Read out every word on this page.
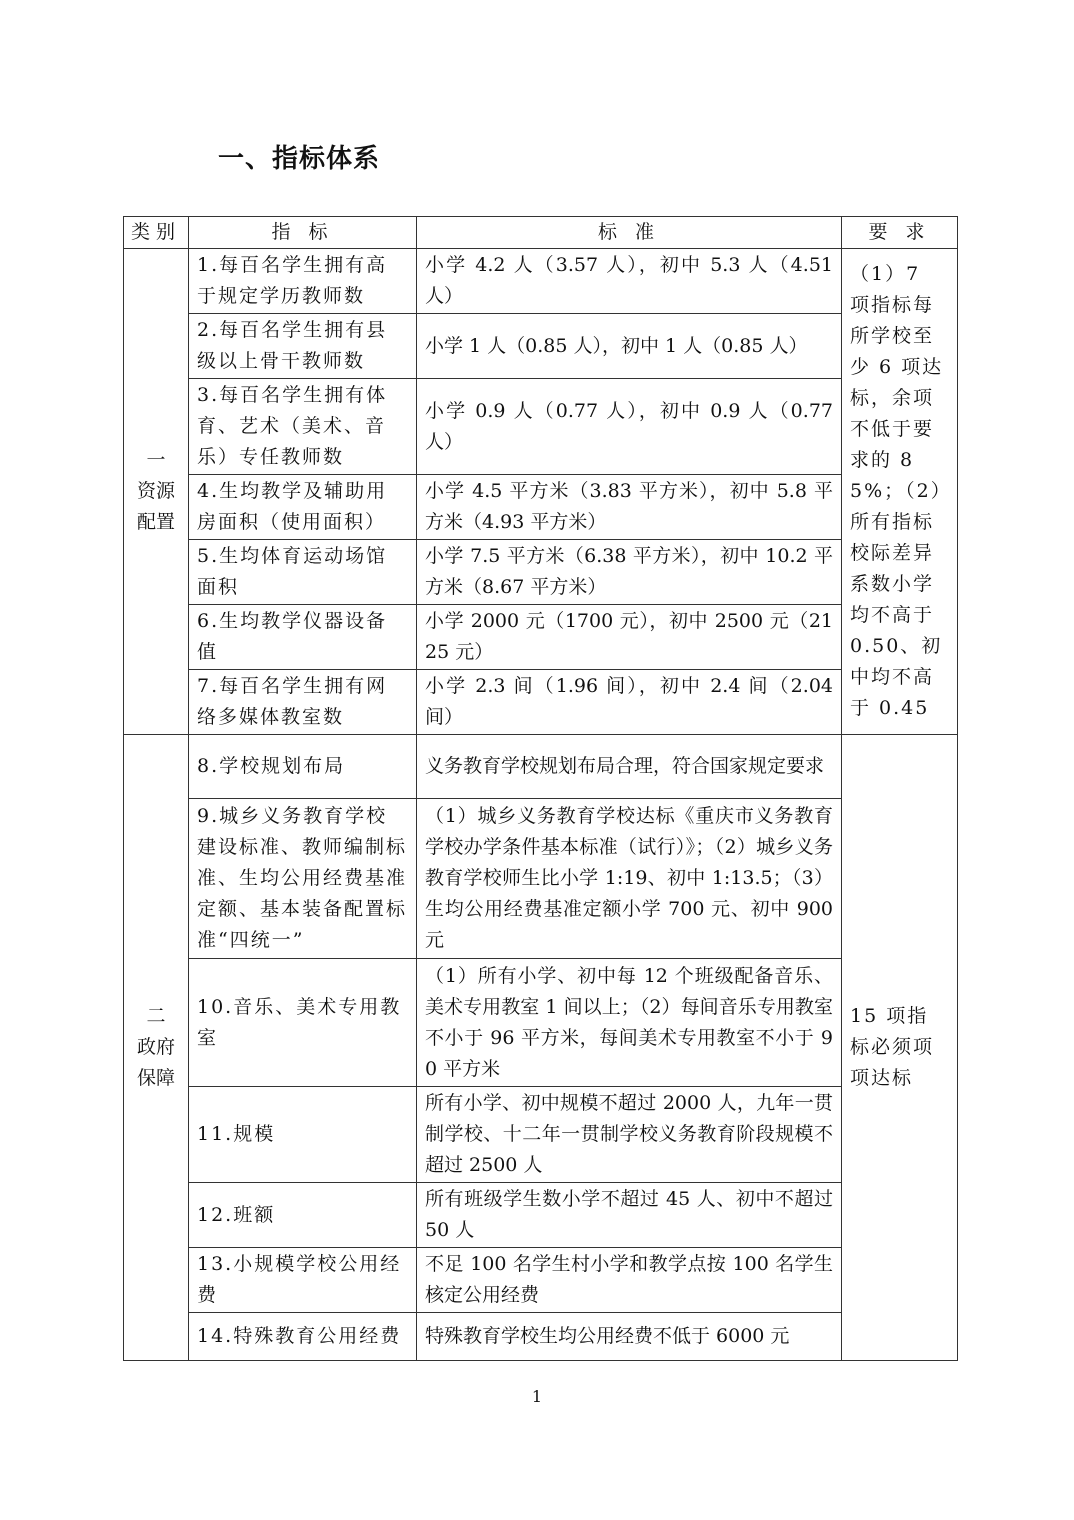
一、指标体系
类别	指 标	标 准	要 求

一
资源
配置	1.每百名学生拥有高于规定学历教师数	小学 4.2 人（3.57 人），初中 5.3 人（4.51 人）	（1）7 项指标每所学校至少 6 项达标，余项不低于要求的 85%；（2）所有指标校际差异系数小学均不高于 0.50、初中均不高于 0.45
	2.每百名学生拥有县级以上骨干教师数	小学 1 人（0.85 人），初中 1 人（0.85 人）	
	3.每百名学生拥有体育、艺术（美术、音乐）专任教师数	小学 0.9 人（0.77 人），初中 0.9 人（0.77 人）	
	4.生均教学及辅助用房面积（使用面积）	小学 4.5 平方米（3.83 平方米），初中 5.8 平方米（4.93 平方米）	
	5.生均体育运动场馆面积	小学 7.5 平方米（6.38 平方米），初中 10.2 平方米（8.67 平方米）	
	6.生均教学仪器设备值	小学 2000 元（1700 元），初中 2500 元（2125 元）	
	7.每百名学生拥有网络多媒体教室数	小学 2.3 间（1.96 间），初中 2.4 间（2.04 间）	

二
政府
保障	8.学校规划布局	义务教育学校规划布局合理，符合国家规定要求	15 项指标必须项项达标
	9.城乡义务教育学校建设标准、教师编制标准、生均公用经费基准定额、基本装备配置标准“四统一”	（1）城乡义务教育学校达标《重庆市义务教育学校办学条件基本标准（试行）》；（2）城乡义务教育学校师生比小学 1:19、初中 1:13.5；（3）生均公用经费基准定额小学 700 元、初中 900 元	
	10.音乐、美术专用教室	（1）所有小学、初中每 12 个班级配备音乐、美术专用教室 1 间以上；（2）每间音乐专用教室不小于 96 平方米，每间美术专用教室不小于 90 平方米	
	11.规模	所有小学、初中规模不超过 2000 人，九年一贯制学校、十二年一贯制学校义务教育阶段规模不超过 2500 人	
	12.班额	所有班级学生数小学不超过 45 人、初中不超过 50 人	
	13.小规模学校公用经费	不足 100 名学生村小学和教学点按 100 名学生核定公用经费	
	14.特殊教育公用经费	特殊教育学校生均公用经费不低于 6000 元	
1
